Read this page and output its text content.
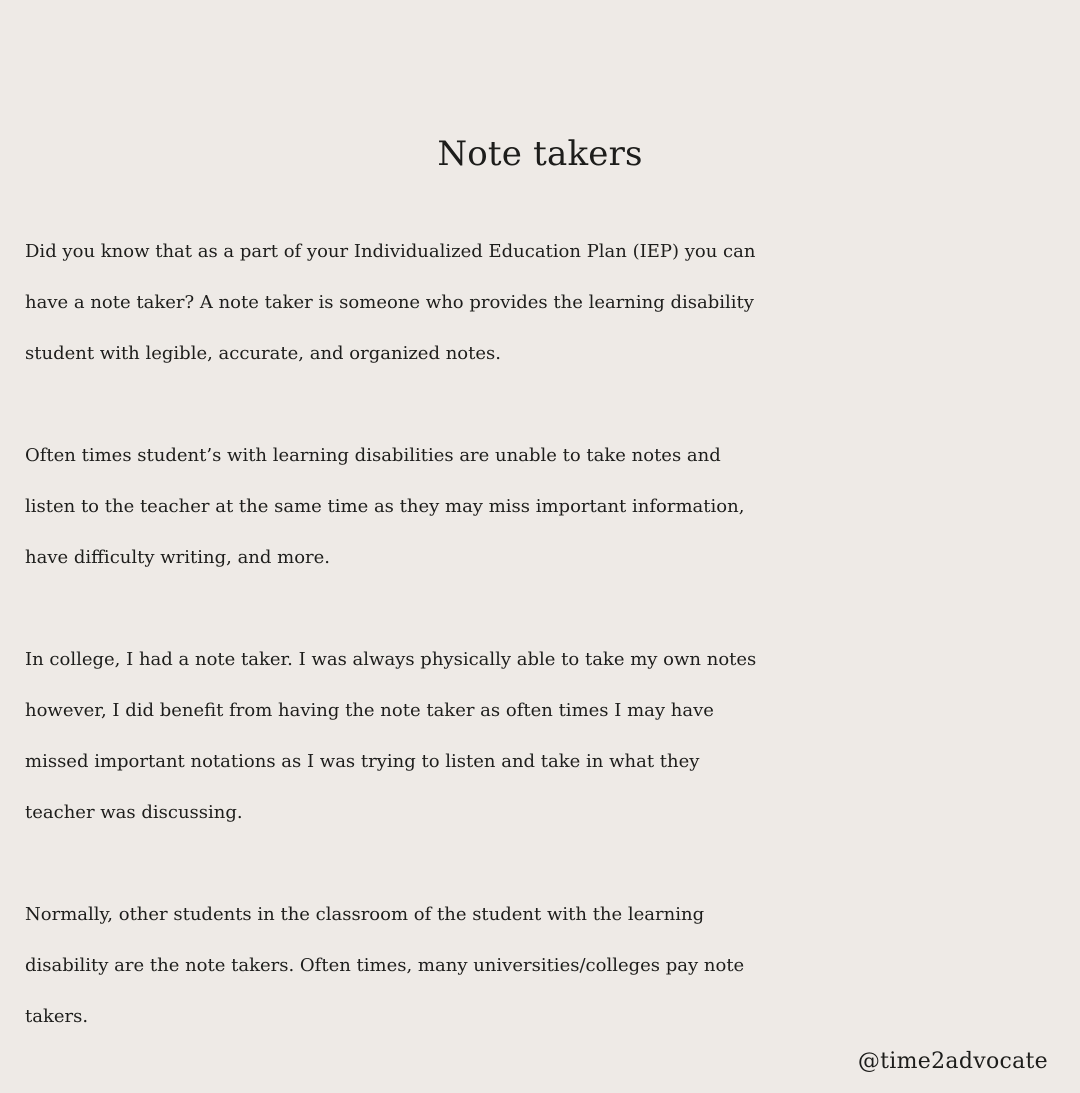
Note takers

Did you know that as a part of your Individualized Education Plan (IEP) you can
have a note taker? A note taker is someone who provides the learning disability
student with legible, accurate, and organized notes.

Often times student’s with learning disabilities are unable to take notes and
listen to the teacher at the same time as they may miss important information,
have difficulty writing, and more.

In college, I had a note taker. I was always physically able to take my own notes
however, I did benefit from having the note taker as often times I may have
missed important notations as I was trying to listen and take in what they
teacher was discussing.

Normally, other students in the classroom of the student with the learning
disability are the note takers. Often times, many universities/colleges pay note
takers.

@time2advocate
